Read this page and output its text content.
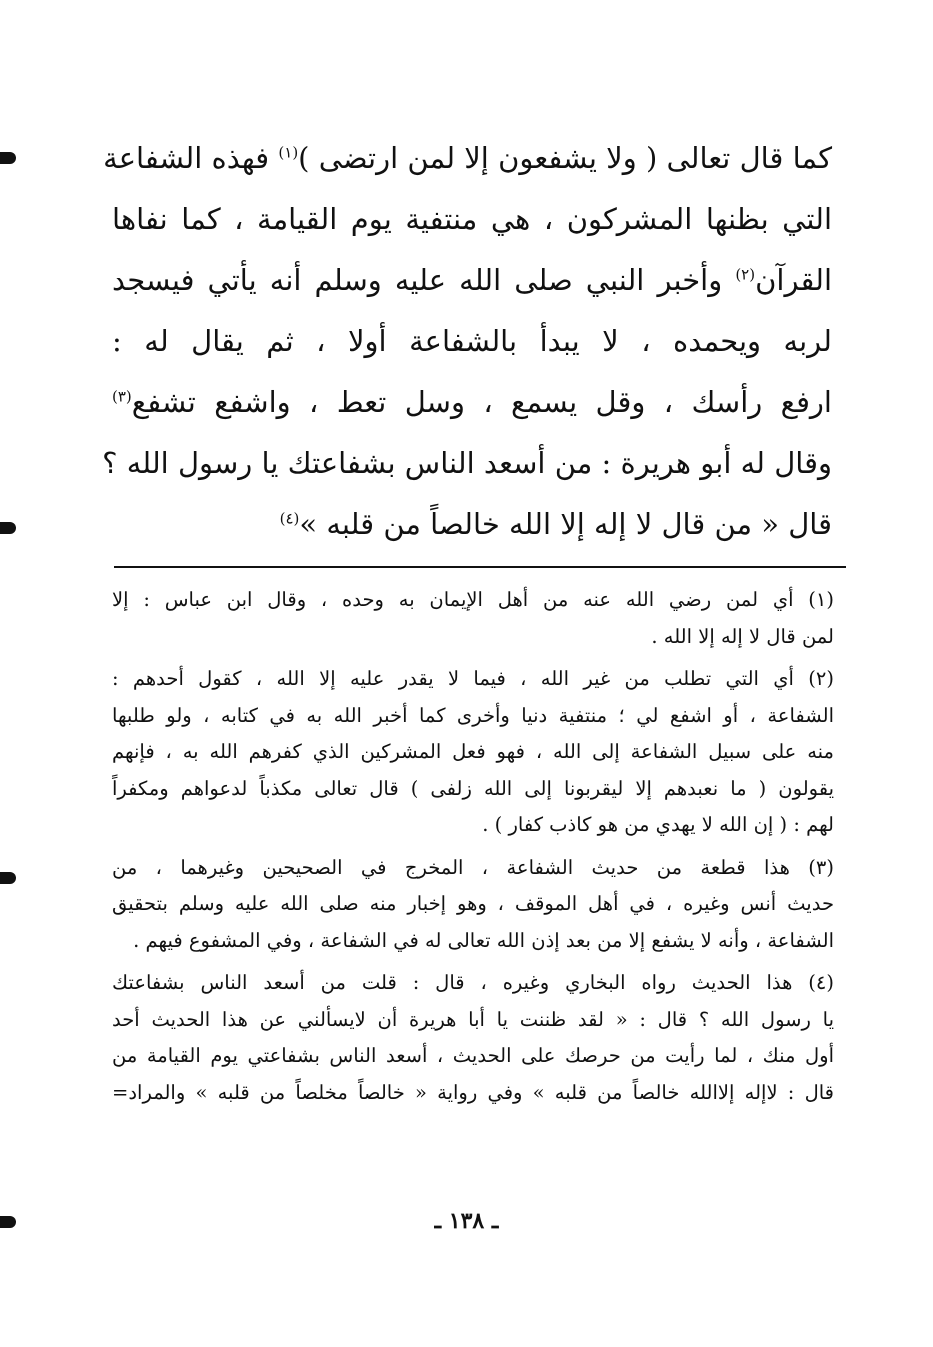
كما قال تعالى ( ولا يشفعون إلا لمن ارتضى )$^{(١)}$ فهذه الشفاعة
التي بظنها المشركون ، هي منتفية يوم القيامة ، كما نفاها
القرآن$^{(٢)}$ وأخبر النبي صلى الله عليه وسلم أنه يأتي فيسجد
لربه ويحمده ، لا يبدأ بالشفاعة أولا ، ثم يقال له :
ارفع رأسك ، وقل يسمع ، وسل تعط ، واشفع تشفع$^{(٣)}$
وقال له أبو هريرة : من أسعد الناس بشفاعتك يا رسول الله ؟
قال « من قال لا إله إلا الله خالصاً من قلبه »$^{(٤)}$
(١) أي لمن رضي الله عنه من أهل الإيمان به وحده ، وقال ابن عباس : إلا
لمن قال لا إله إلا الله .
(٢) أي التي تطلب من غير الله ، فيما لا يقدر عليه إلا الله ، كقول أحدهم :
الشفاعة ، أو اشفع لي ؛ منتفية دنيا وأخرى كما أخبر الله به في كتابه ، ولو طلبها
منه على سبيل الشفاعة إلى الله ، فهو فعل المشركين الذي كفرهم الله به ، فإنهم
يقولون ( ما نعبدهم إلا ليقربونا إلى الله زلفى ) قال تعالى مكذباً لدعواهم ومكفراً
لهم : ( إن الله لا يهدي من هو كاذب كفار ) .
(٣) هذا قطعة من حديث الشفاعة ، المخرج في الصحيحين وغيرهما ، من
حديث أنس وغيره ، في أهل الموقف ، وهو إخبار منه صلى الله عليه وسلم بتحقيق
الشفاعة ، وأنه لا يشفع إلا من بعد إذن الله تعالى له في الشفاعة ، وفي المشفوع فيهم .
(٤) هذا الحديث رواه البخاري وغيره ، قال : قلت من أسعد الناس بشفاعتك
يا رسول الله ؟ قال : « لقد ظننت يا أبا هريرة أن لايسألني عن هذا الحديث أحد
أول منك ، لما رأيت من حرصك على الحديث ، أسعد الناس بشفاعتي يوم القيامة من
قال : لاإله إلاالله خالصاً من قلبه » وفي رواية « خالصاً مخلصاً من قلبه » والمراد=
ـ ١٣٨ ـ
